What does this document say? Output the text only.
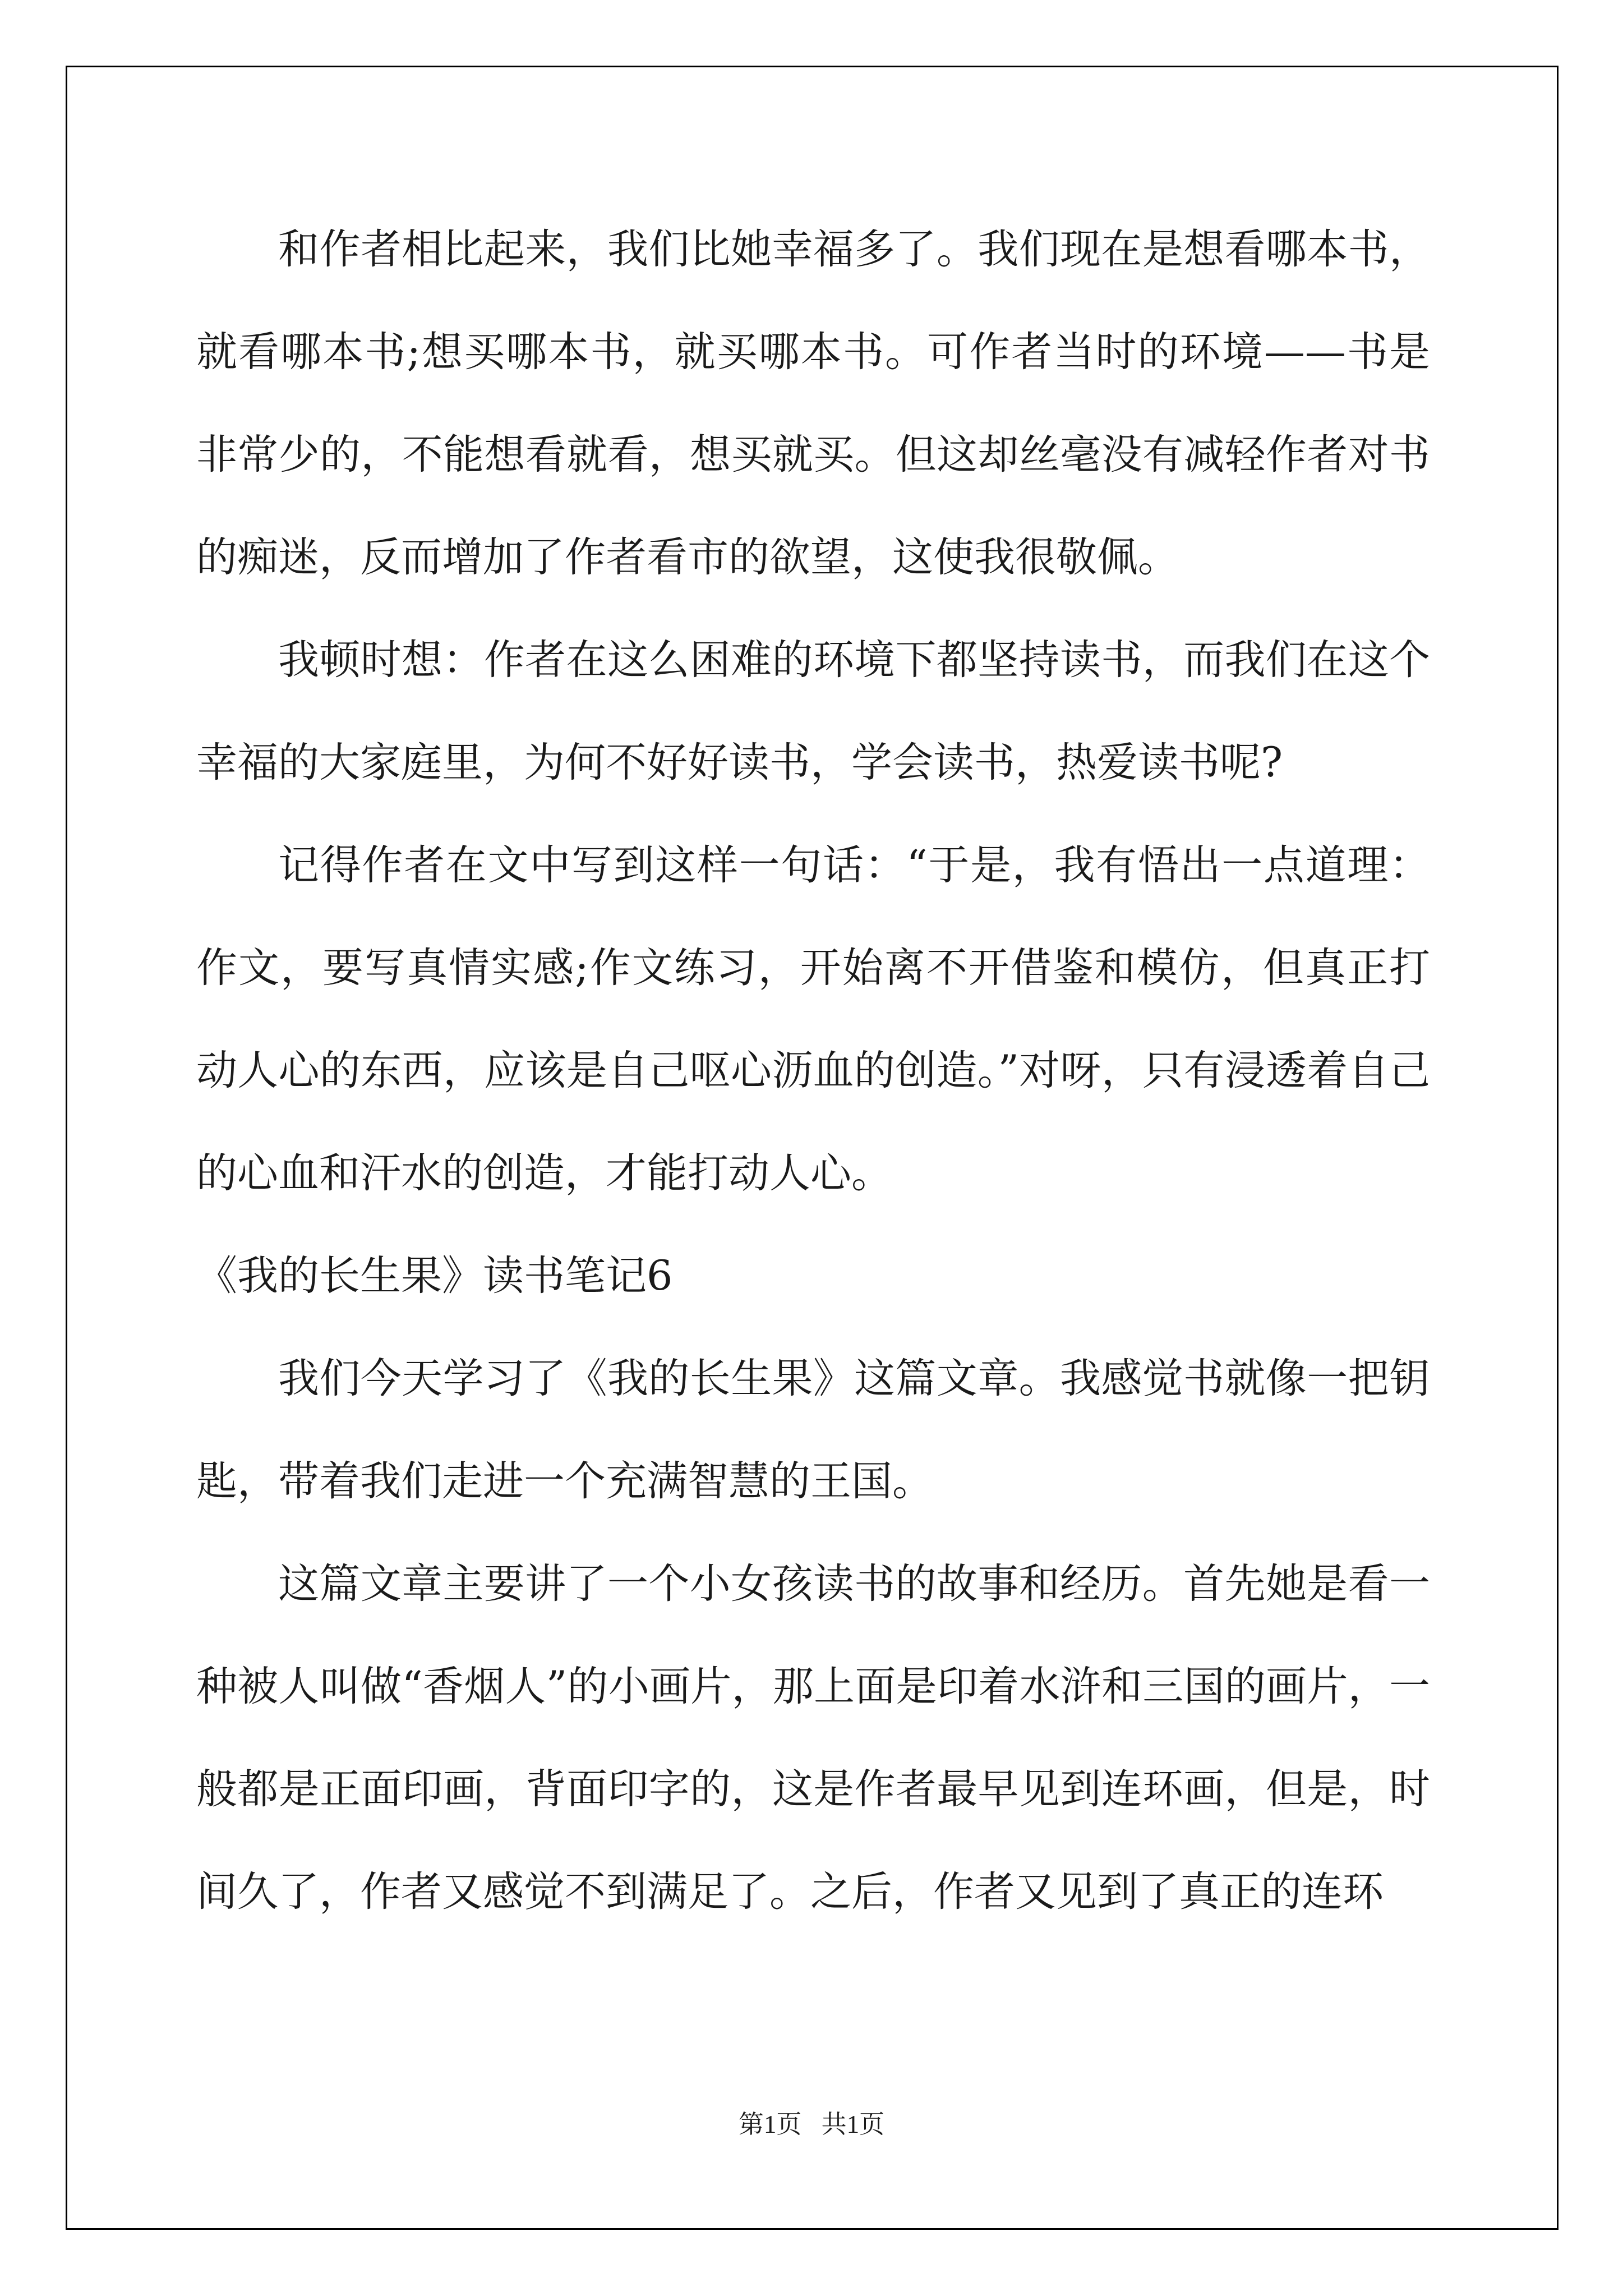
和作者相比起来，我们比她幸福多了。我们现在是想看哪本书，就看哪本书;想买哪本书，就买哪本书。可作者当时的环境——书是非常少的，不能想看就看，想买就买。但这却丝毫没有减轻作者对书的痴迷，反而增加了作者看市的欲望，这使我很敬佩。

我顿时想：作者在这么困难的环境下都坚持读书，而我们在这个幸福的大家庭里，为何不好好读书，学会读书，热爱读书呢?

记得作者在文中写到这样一句话：“于是，我有悟出一点道理：作文，要写真情实感;作文练习，开始离不开借鉴和模仿，但真正打动人心的东西，应该是自己呕心沥血的创造。”对呀，只有浸透着自己的心血和汗水的创造，才能打动人心。

《我的长生果》读书笔记6

我们今天学习了《我的长生果》这篇文章。我感觉书就像一把钥匙，带着我们走进一个充满智慧的王国。

这篇文章主要讲了一个小女孩读书的故事和经历。首先她是看一种被人叫做“香烟人”的小画片，那上面是印着水浒和三国的画片，一般都是正面印画，背面印字的，这是作者最早见到连环画，但是，时间久了，作者又感觉不到满足了。之后，作者又见到了真正的连环

第1页 共1页
